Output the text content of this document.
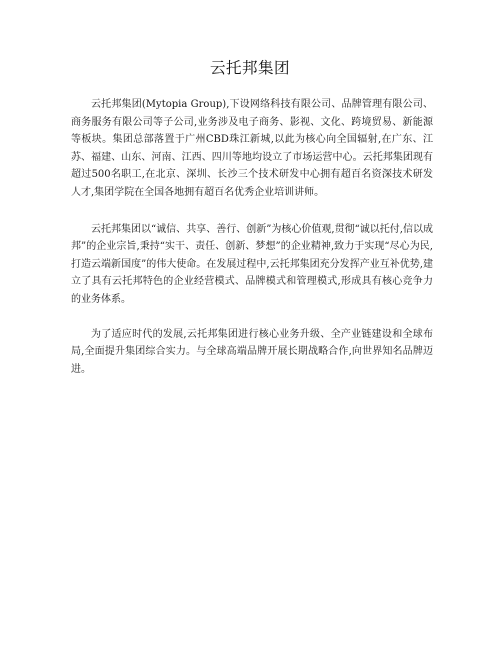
云托邦集团

云托邦集团(Mytopia Group),下设网络科技有限公司、品牌管理有限公司、商务服务有限公司等子公司,业务涉及电子商务、影视、文化、跨境贸易、新能源等板块。集团总部落置于广州CBD珠江新城,以此为核心向全国辐射,在广东、江苏、福建、山东、河南、江西、四川等地均设立了市场运营中心。云托邦集团现有超过500名职工,在北京、深圳、长沙三个技术研发中心拥有超百名资深技术研发人才,集团学院在全国各地拥有超百名优秀企业培训讲师。

云托邦集团以“诚信、共享、善行、创新”为核心价值观,贯彻“诚以托付,信以成邦”的企业宗旨,秉持“实干、责任、创新、梦想”的企业精神,致力于实现“尽心为民,打造云端新国度”的伟大使命。在发展过程中,云托邦集团充分发挥产业互补优势,建立了具有云托邦特色的企业经营模式、品牌模式和管理模式,形成具有核心竞争力的业务体系。

为了适应时代的发展,云托邦集团进行核心业务升级、全产业链建设和全球布局,全面提升集团综合实力。与全球高端品牌开展长期战略合作,向世界知名品牌迈进。
